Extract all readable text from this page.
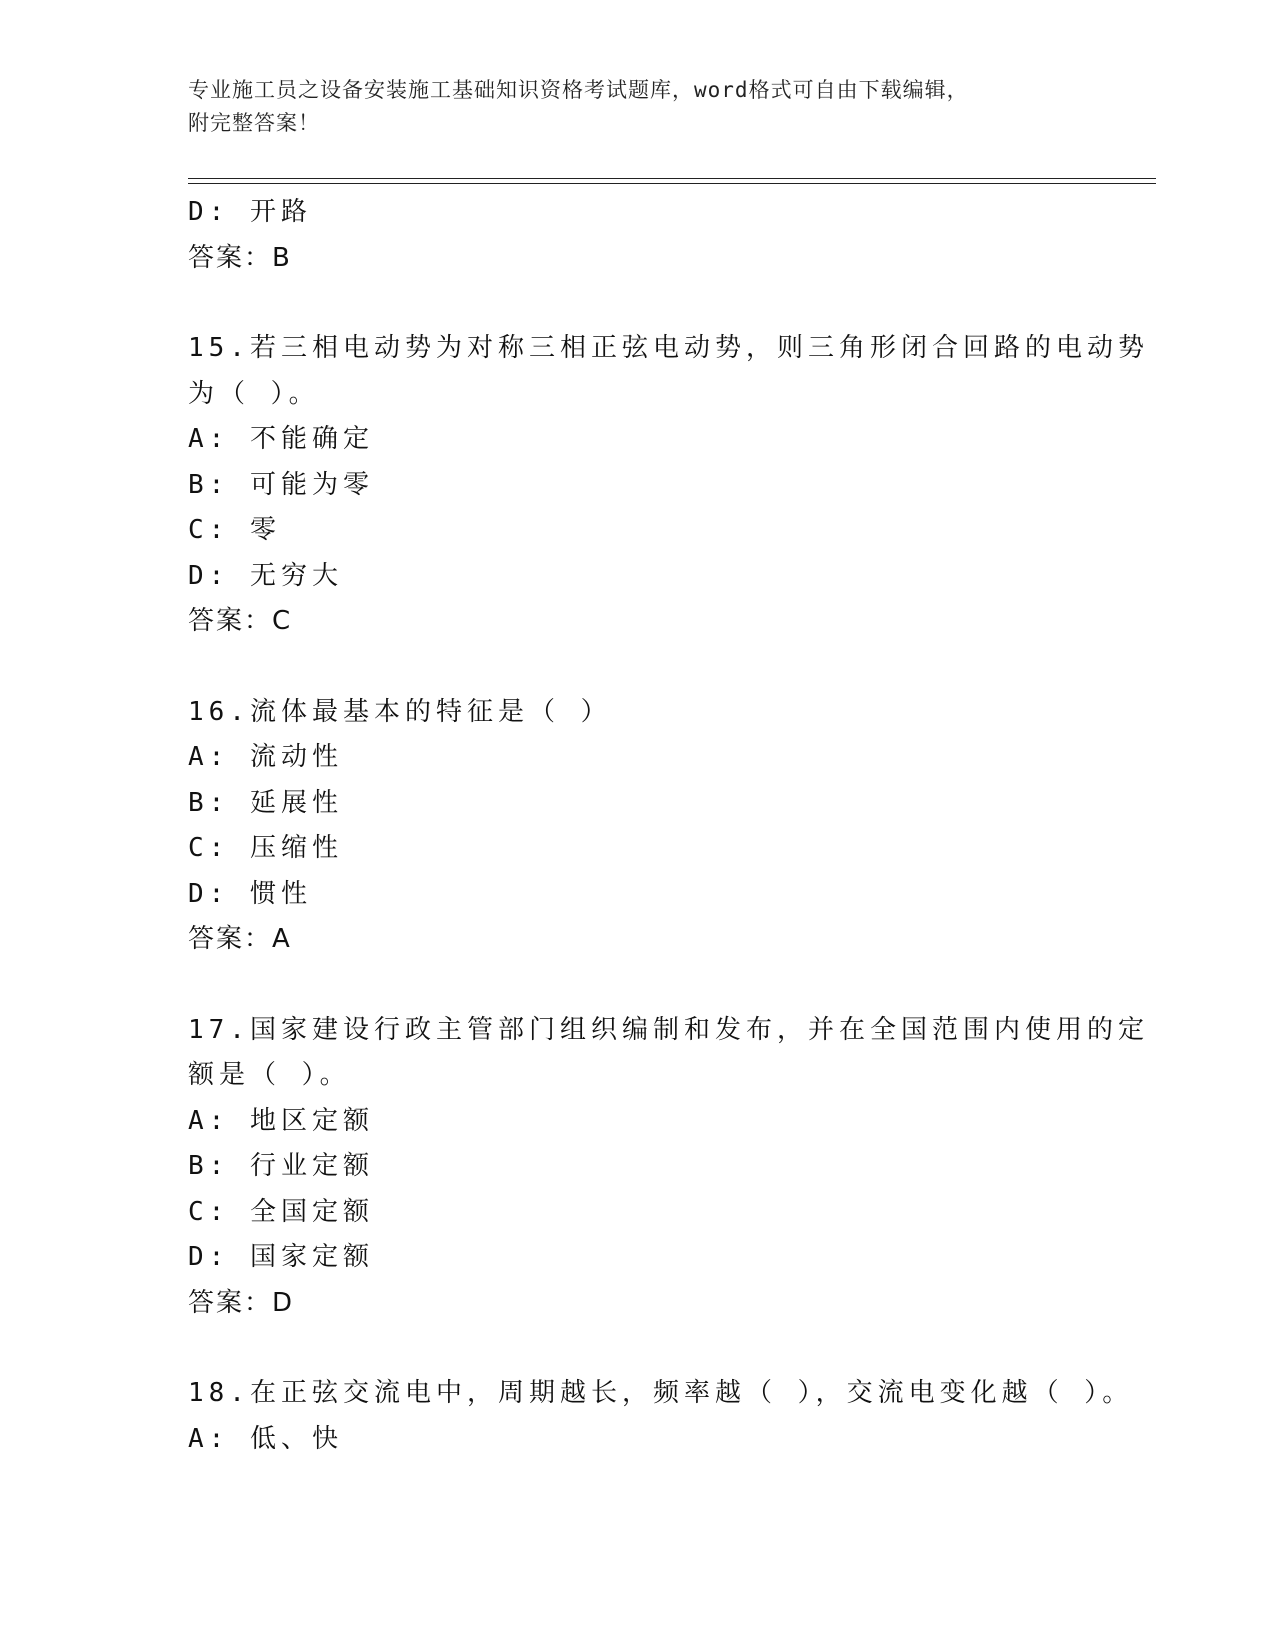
专业施工员之设备安装施工基础知识资格考试题库，word格式可自由下载编辑，
附完整答案！
D: 开路
答案：B
15.若三相电动势为对称三相正弦电动势，则三角形闭合回路的电动势
为（ ）。
A: 不能确定
B: 可能为零
C: 零
D: 无穷大
答案：C
16.流体最基本的特征是（ ）
A: 流动性
B: 延展性
C: 压缩性
D: 惯性
答案：A
17.国家建设行政主管部门组织编制和发布，并在全国范围内使用的定
额是（ ）。
A: 地区定额
B: 行业定额
C: 全国定额
D: 国家定额
答案：D
18.在正弦交流电中，周期越长，频率越（ ），交流电变化越（ ）。
A: 低、快
